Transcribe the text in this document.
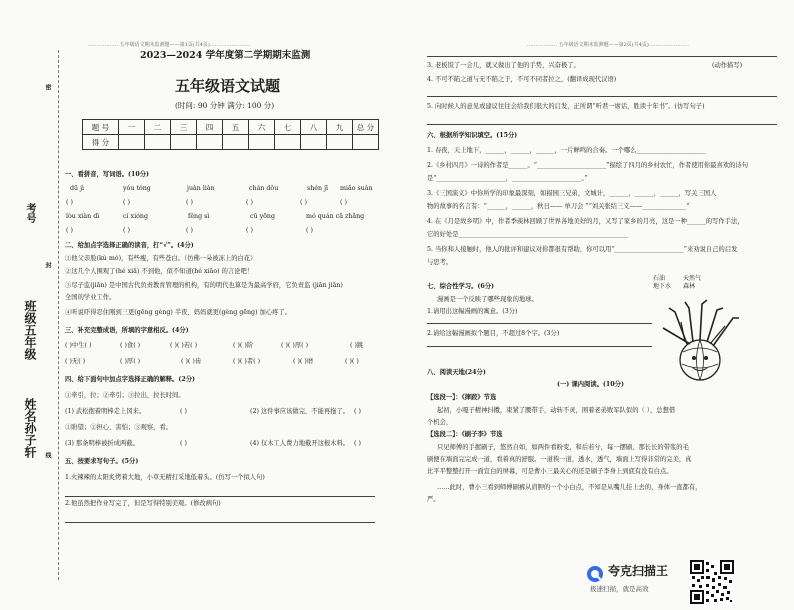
……………… 五年级语文期末监测题——第1页(共4页)……………………
考号
班级五年级
姓名孙子轩
密
封
线
2023—2024 学年度第二学期期末监测
五年级语文试题
(时间: 90 分钟 满分: 100 分)
题 号	一	二	三	四	五	六	七	八	九	总 分
得 分										
一、看拼音，写词语。(10分)
dū jì	yóu tóng	juàn liàn	chán dǒu	shén jī miǎo suàn
( )	( )	( )	( )	( )	( )
lòu xiàn dì	cí xióng	fěng sì	cū yōng	mó quán cā zhǎng
( )	( )	( )	( )	( )
二、给加点字选择正确的读音，打“√”。(4分)
①他父亲脸(kù mó)，有些瘦，有些苍白。（仿佛一朵被冻上的白花）
②这几个人围观了(hé xiā) 不到他，似不知道(hé xiǎo) 的言论吧！
③尽子监(jiān) 是中国古代负责教育管理的机构，有的明代也算是为最高学府，它负责监 (jiān jiān)
全国的学业工作。
④听说吓得忍住刚到三更(gēng gèng) 半夜，妈妈就更(gèng gēng) 加心疼了。
三、补充完整成语，所填的字意相反。(4分)
( )中生( )	( )食( )	( )( )若( )	( )( )阶	( )( )厚( )	( )跳
( )无( )	( )厚( )	( )( )齿	( )( )者( )	( )( )磨	( )( )
四、给下面句中加点字选择正确的解释。(2分)
①牵引，拉；②牵引；③拉出，拉长时间。
(1) 武松抱着明棒走上冈来。	( )	(2) 这件事应该做完，不能再拖了。 ( )
①盼望；②担心，害怕；③观察，看。
(3) 那条明棒被折成两截。	( )	(4) 仅木工人费力地截开这根木料。 ( )
五、按要求写句子。(5分)
1.火辣辣的太阳炙烤着大地，小草无精打采地低着头。(仿写一个拟人句)
2.他虽然把作业写完了，但是写得特别美观。(修改病句)
……………… 五年级语文期末监测题——第2页(共4页)……………………
3. 老板饭了一会儿，就又做出了他的手势，兴奋极了。	(动作描写)
4. 不可不陷之道与无不陷之于，不可不同者拉之，(翻译成现代汉语)
5. 向时候人的意见或建议往往会给我们很大的启发，正所谓“听君一席话，胜读十年书”。(仿写句子)
六、根据所学知识填空。(15分)
1. 春夜，天上地下，______，______，______，一片蝉鸣的合奏。一个哪么______________________
2.《乡村四月》一诗的作者是______。“______________________”描绘了四月的乡村农忙，作者使用你最喜欢的诗句
是“______________________，______________________。”
3.《三国演义》中你所学的印象最深刻，如描园三兄弟，文城计，______，______，______，写关三国人
物的故事的名言有：“______，______，秋日—— 单刀会 ”“刘关张结三义——______________”
4. 在《月是故乡明》中，作者季羡林回顾了世界各地美好的月，又写了家乡的月亮，这是一种______的写作手法，
它的好处是______________________________________________________
5. 当你和人接触时，他人的批评和建议对你都很有帮助，你可以用“______________________”来劝说自己的启发
与思考。
七、综合性学习。(6分)
漫画是一个反映了哪些现象的地球。
1.请用出这幅漫画的寓意。(3分)
2.请给这幅漫画拟个题目，不超过8个字。(3分)
八、阅读天地(24分)
(一) 课内阅读。(10分)
【选段一】：《摔跤》节选
起初，小嘎子精神抖擞，束紧了腰带手，动转不灵，围着老弟败军队似的（ ），总想借
个机会，
【选段二】：《刷子李》节选
只见师傅的手握刷子，悠然自如，如两件看粉变，和后若兮，每一摆刷，那长长的带浆的毛
刷便在墙面完完成一道，看着真的舒服。一道挨一道，透水，透气，墙面上写得非常的完美，真
比平平整整打开一面宣白的屏幕，可是曹小三最关心的还是刷子李身上到底有没有白点。
……此时，曹小三看到师傅刷裤从肩胛的一个小白点，不知是从嘴儿挂上去的，身体一直都有，
严。
石油	天然气
地下水 森林
夸克扫描王
极速扫描，就是高效
